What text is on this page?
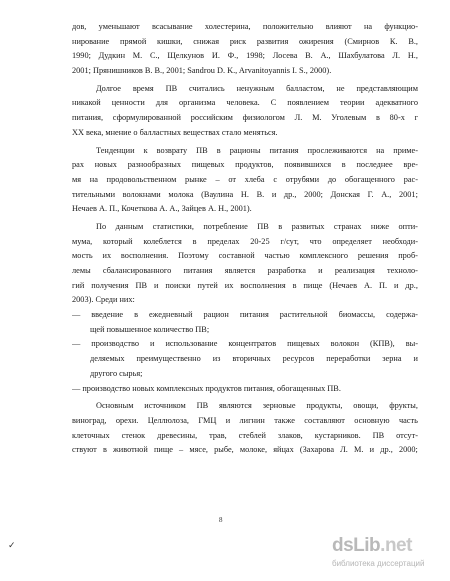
дов, уменьшают всасывание холестерина, положительно влияют на функцио-
нирование прямой кишки, снижая риск развития ожирения (Смирнов К. В.,
1990; Дудкин М. С., Щелкунов И. Ф., 1998; Лосева В. А., Шахбулатова Л. Н.,
2001; Прянишников В. В., 2001; Sandrou D. K., Arvanitoyannis I. S., 2000).
Долгое время ПВ считались ненужным балластом, не представляющим
никакой ценности для организма человека. С появлением теории адекватного
питания, сформулированной российским физиологом Л. М. Уголевым в 80-х г
XX века, мнение о балластных веществах стало меняться.
Тенденции к возврату ПВ в рационы питания прослеживаются на приме-
рах новых разнообразных пищевых продуктов, появившихся в последнее вре-
мя на продовольственном рынке – от хлеба с отрубями до обогащенного рас-
тительными волокнами молока (Ваулина Н. В. и др., 2000; Донская Г. А., 2001;
Нечаев А. П., Кочеткова А. А., Зайцев А. Н., 2001).
По данным статистики, потребление ПВ в развитых странах ниже опти-
мума, который колеблется в пределах 20-25 г/сут, что определяет необходи-
мость их восполнения. Поэтому составной частью комплексного решения проб-
лемы сбалансированного питания является разработка и реализация техноло-
гий получения ПВ и поиски путей их восполнения в пище (Нечаев А. П. и др.,
2003). Среди них:
— введение в ежедневный рацион питания растительной биомассы, содержа-
щей повышенное количество ПВ;
— производство и использование концентратов пищевых волокон (КПВ), вы-
деляемых преимущественно из вторичных ресурсов переработки зерна и
другого сырья;
— производство новых комплексных продуктов питания, обогащенных ПВ.
Основным источником ПВ являются зерновые продукты, овощи, фрукты,
виноград, орехи. Целлюлоза, ГМЦ и лигнин также составляют основную часть
клеточных стенок древесины, трав, стеблей злаков, кустарников. ПВ отсут-
ствуют в животной пище – мясе, рыбе, молоке, яйцах (Захарова Л. М. и др., 2000;
8
✓	dsLib.net
библиотека диссертаций
